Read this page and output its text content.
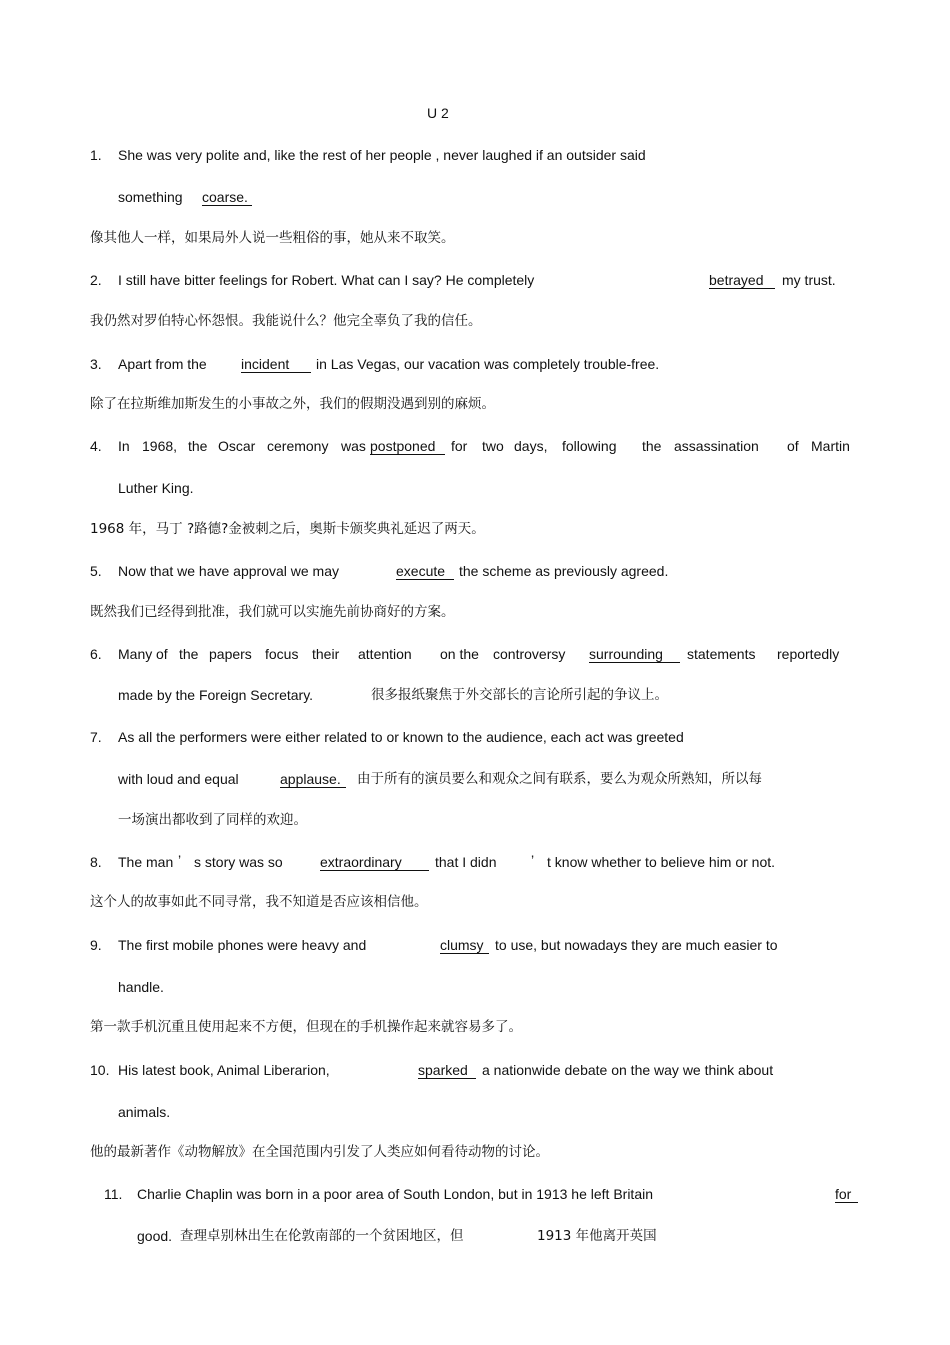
U 2
1. She was very polite and, like the rest of her people , never laughed if an outsider said
something coarse.
像其他人一样，如果局外人说一些粗俗的事，她从来不取笑。
2. I still have bitter feelings for Robert. What can I say? He completely	betrayed	my trust.
我仍然对罗伯特心怀怨恨。我能说什么？他完全辜负了我的信任。
3. Apart from the incident	in Las Vegas, our vacation was completely trouble-free.
除了在拉斯维加斯发生的小事故之外，我们的假期没遇到别的麻烦。
4. In 1968, the Oscar ceremony was postponed	for two days, following the assassination of Martin
Luther King.
1968 年，马丁 ?路德?金被刺之后，奥斯卡颁奖典礼延迟了两天。
5. Now that we have approval we may	execute the scheme as previously agreed.
既然我们已经得到批准，我们就可以实施先前协商好的方案。
6. Many of the papers focus their attention on the controversy surrounding	statements reportedly
made by the Foreign Secretary.	很多报纸聚焦于外交部长的言论所引起的争议上。
7. As all the performers were either related to or known to the audience, each act was greeted
with loud and equal	applause.	由于所有的演员要么和观众之间有联系，要么为观众所熟知，所以每
一场演出都收到了同样的欢迎。
8. The man ’ s story was so	extraordinary	that I didn ’ t know whether to believe him or not.
这个人的故事如此不同寻常，我不知道是否应该相信他。
9. The first mobile phones were heavy and	clumsy to use, but nowadays they are much easier to
handle.
第一款手机沉重且使用起来不方便，但现在的手机操作起来就容易多了。
10. His latest book, Animal Liberarion,	sparked	a nationwide debate on the way we think about
animals.
他的最新著作《动物解放》在全国范围内引发了人类应如何看待动物的讨论。
11. Charlie Chaplin was born in a poor area of South London, but in 1913 he left Britain	for
good. 查理卓别林出生在伦敦南部的一个贫困地区，但	1913 年他离开英国
